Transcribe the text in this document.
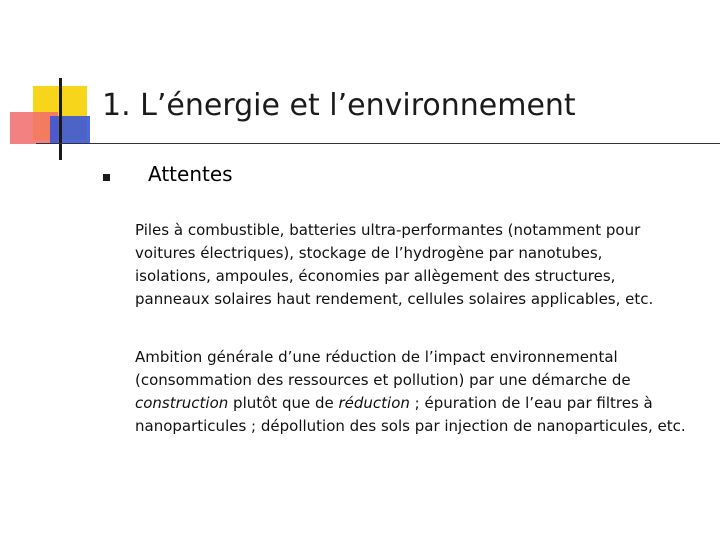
1. L’énergie et l’environnement
Attentes

Piles à combustible, batteries ultra-performantes (notamment pour voitures électriques), stockage de l’hydrogène par nanotubes, isolations, ampoules, économies par allègement des structures, panneaux solaires haut rendement, cellules solaires applicables, etc.

Ambition générale d’une réduction de l’impact environnemental (consommation des ressources et pollution) par une démarche de construction plutôt que de réduction ; épuration de l’eau par filtres à nanoparticules ; dépollution des sols par injection de nanoparticules, etc.
